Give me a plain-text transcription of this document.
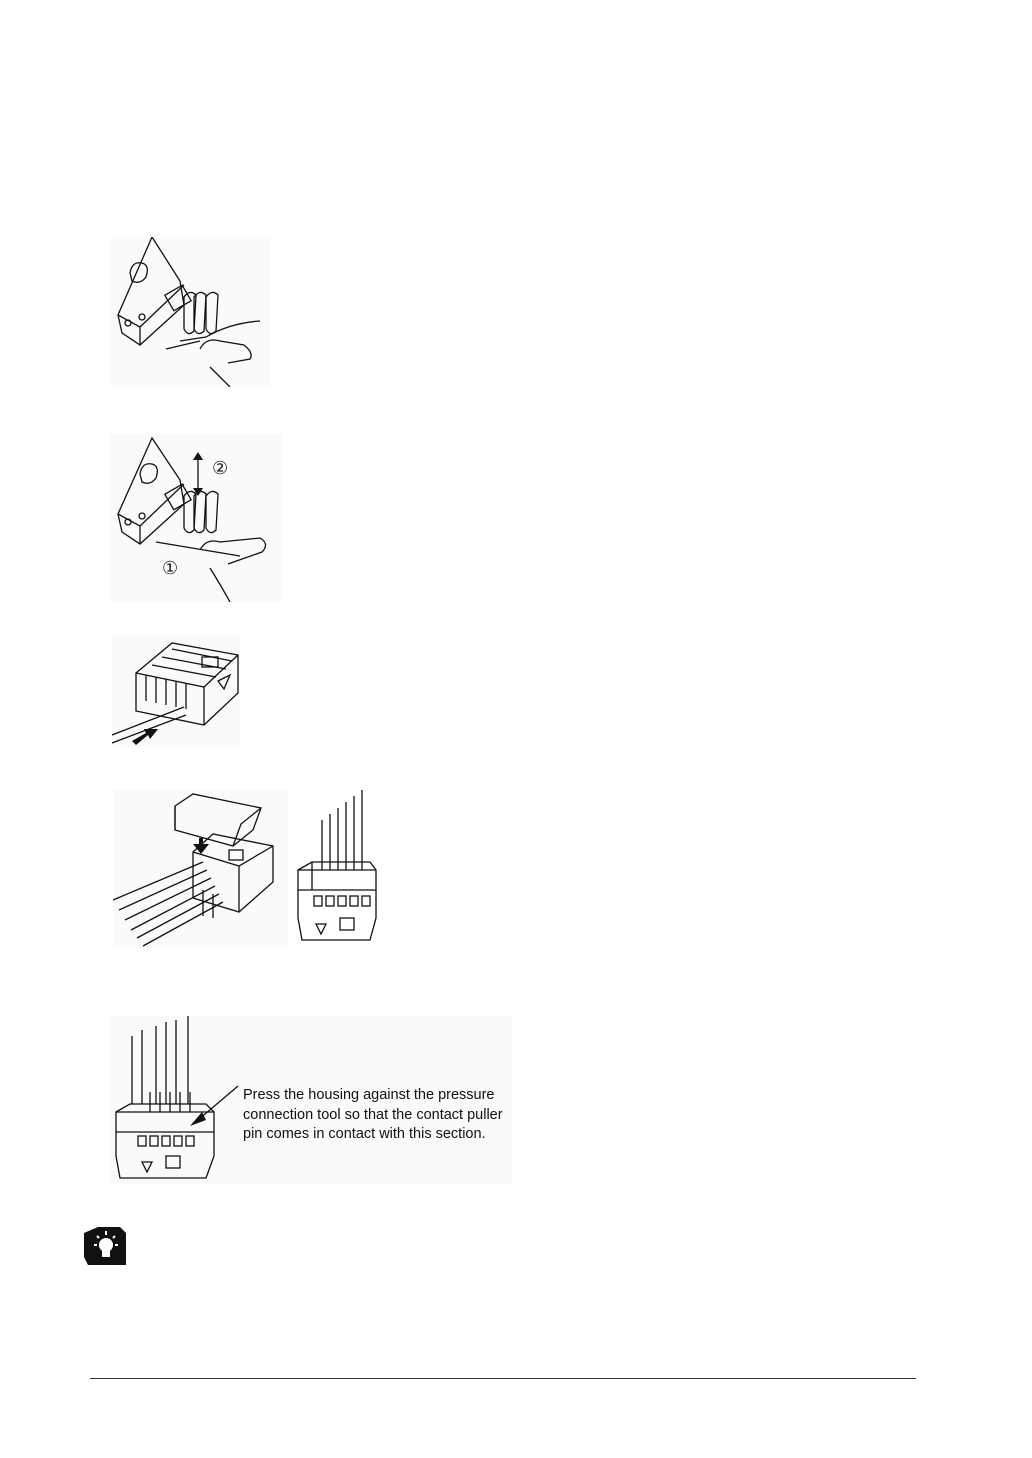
②
①
Press the housing against the pressure connection tool so that the contact puller pin comes in contact with this section.
